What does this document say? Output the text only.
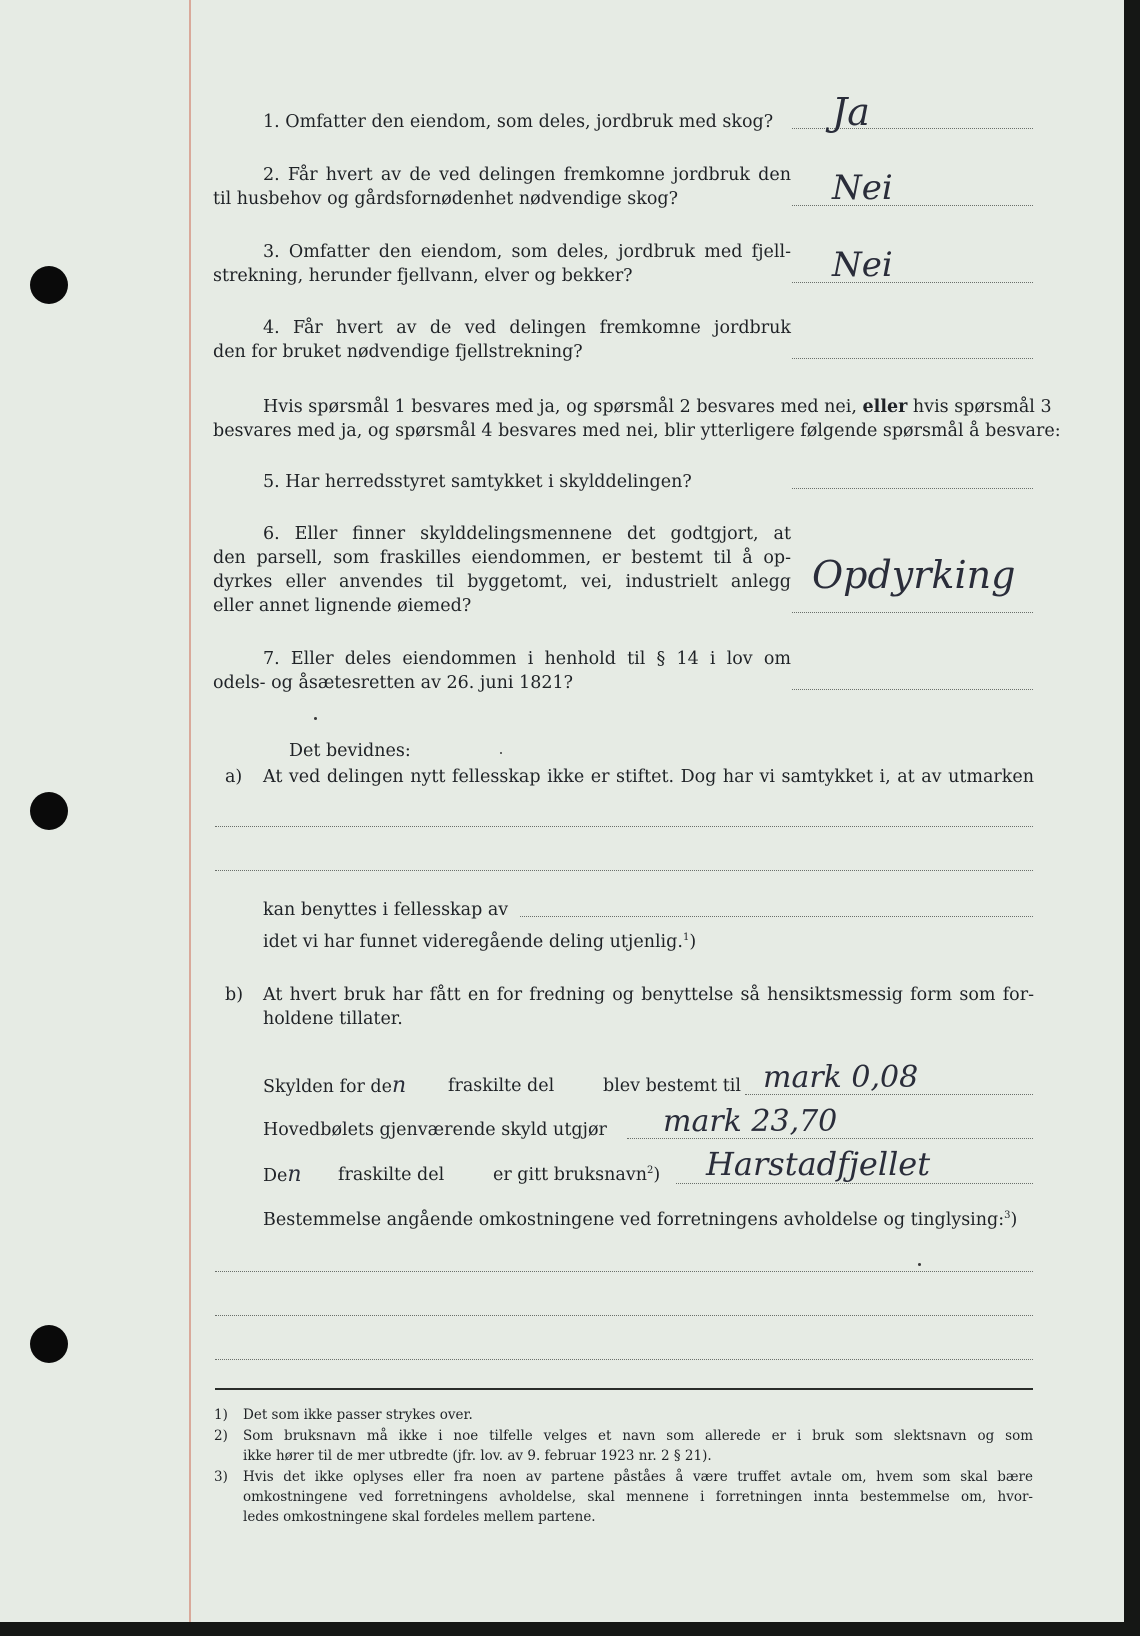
1. Omfatter den eiendom, som deles, jordbruk med skog? Ja
2. Får hvert av de ved delingen fremkomne jordbruk den
til husbehov og gårdsfornødenhet nødvendige skog?	Nei
3. Omfatter den eiendom, som deles, jordbruk med fjell-
strekning, herunder fjellvann, elver og bekker?	Nei
4. Får hvert av de ved delingen fremkomne jordbruk
den for bruket nødvendige fjellstrekning?
Hvis spørsmål 1 besvares med ja, og spørsmål 2 besvares med nei, eller hvis spørsmål 3
besvares med ja, og spørsmål 4 besvares med nei, blir ytterligere følgende spørsmål å besvare:
5. Har herredsstyret samtykket i skylddelingen?
6. Eller finner skylddelingsmennene det godtgjort, at
den parsell, som fraskilles eiendommen, er bestemt til å op-
dyrkes eller anvendes til byggetomt, vei, industrielt anlegg
eller annet lignende øiemed?
Opdyrking
7. Eller deles eiendommen i henhold til § 14 i lov om
odels- og åsætesretten av 26. juni 1821?
Det bevidnes:
a) At ved delingen nytt fellesskap ikke er stiftet. Dog har vi samtykket i, at av utmarken
kan benyttes i fellesskap av
idet vi har funnet videregående deling utjenlig.$^1$)
b) At hvert bruk har fått en for fredning og benyttelse så hensiktsmessig form som for-
holdene tillater.
Skylden for den fraskilte del	blev bestemt til mark 0,08
Hovedbølets gjenværende skyld utgjør mark 23,70
Den fraskilte del	er gitt bruksnavn$^2$) Harstadfjellet
Bestemmelse angående omkostningene ved forretningens avholdelse og tinglysing:$^3$)
1) Det som ikke passer strykes over.
2) Som bruksnavn må ikke i noe tilfelle velges et navn som allerede er i bruk som slektsnavn og som
ikke hører til de mer utbredte (jfr. lov. av 9. februar 1923 nr. 2 § 21).
3) Hvis det ikke oplyses eller fra noen av partene påståes å være truffet avtale om, hvem som skal bære
omkostningene ved forretningens avholdelse, skal mennene i forretningen innta bestemmelse om, hvor-
ledes omkostningene skal fordeles mellem partene.
